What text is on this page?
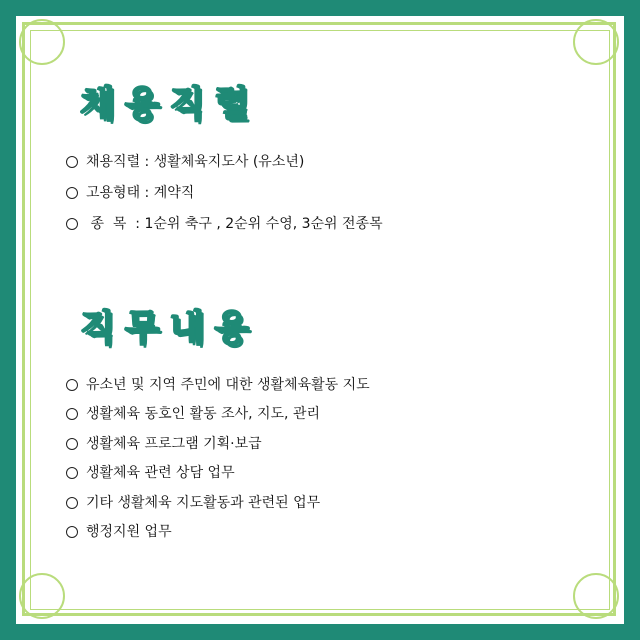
채용직렬
채용직렬 : 생활체육지도사 (유소년)
고용형태 : 계약직
종  목  : 1순위 축구 , 2순위 수영, 3순위 전종목
직무내용
유소년 및 지역 주민에 대한 생활체육활동 지도
생활체육 동호인 활동 조사, 지도, 관리
생활체육 프로그램 기획·보급
생활체육 관련 상담 업무
기타 생활체육 지도활동과 관련된 업무
행정지원 업무
